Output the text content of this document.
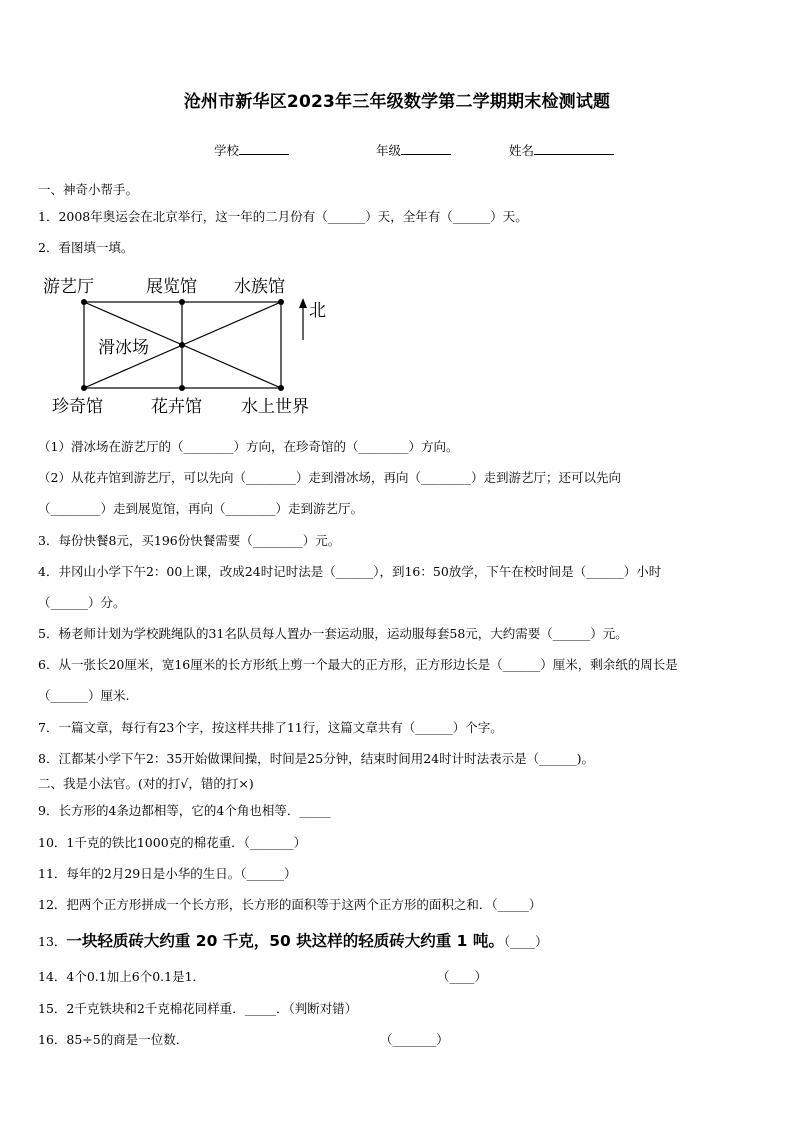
沧州市新华区2023年三年级数学第二学期期末检测试题
学校	年级	姓名
一、神奇小帮手。
1．2008年奥运会在北京举行，这一年的二月份有（______）天，全年有（______）天。
2．看图填一填。
游艺厅	展览馆 水族馆
滑冰场
珍奇馆	花卉馆 水上世界
北
（1）滑冰场在游艺厅的（________）方向，在珍奇馆的（________）方向。
（2）从花卉馆到游艺厅，可以先向（________）走到滑冰场，再向（________）走到游艺厅；还可以先向
（________）走到展览馆，再向（________）走到游艺厅。
3．每份快餐8元，买196份快餐需要（________）元。
4．井冈山小学下午2：00上课，改成24时记时法是（______），到16：50放学，下午在校时间是（______）小时
（______）分。
5．杨老师计划为学校跳绳队的31名队员每人置办一套运动服，运动服每套58元，大约需要（______）元。
6．从一张长20厘米，宽16厘米的长方形纸上剪一个最大的正方形，正方形边长是（______）厘米，剩余纸的周长是
（______）厘米.
7．一篇文章，每行有23个字，按这样共排了11行，这篇文章共有（______）个字。
8．江都某小学下午2：35开始做课间操，时间是25分钟，结束时间用24时计时法表示是（______)。
二、我是小法官。(对的打√，错的打×)
9．长方形的4条边都相等，它的4个角也相等．_____
10．1千克的铁比1000克的棉花重．（_______）
11．每年的2月29日是小华的生日。（______）
12．把两个正方形拼成一个长方形，长方形的面积等于这两个正方形的面积之和．（_____）
13．一块轻质砖大约重 20 千克，50 块这样的轻质砖大约重 1 吨。（____）
14．4个0.1加上6个0.1是1．	（____）
15．2千克铁块和2千克棉花同样重．_____．（判断对错）
16．85÷5的商是一位数．	（_______）
